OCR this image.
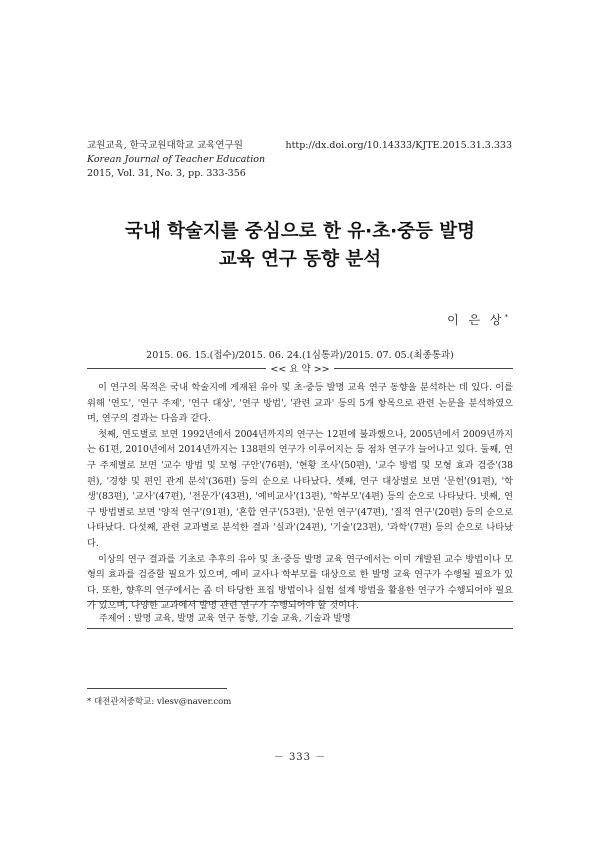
교원교육, 한국교원대학교 교육연구원
Korean Journal of Teacher Education
2015, Vol. 31, No. 3, pp. 333-356
http://dx.doi.org/10.14333/KJTE.2015.31.3.333
국내 학술지를 중심으로 한 유·초·중등 발명
교육 연구 동향 분석
이 은 상*
2015. 06. 15.(접수)/2015. 06. 24.(1심통과)/2015. 07. 05.(최종통과)
<< 요 약 >>

이 연구의 목적은 국내 학술지에 게재된 유아 및 초·중등 발명 교육 연구 동향을 분석하는 데 있다. 이를 위해 '연도', '연구 주제', '연구 대상', '연구 방법', '관련 교과' 등의 5개 항목으로 관련 논문을 분석하였으며, 연구의 결과는 다음과 같다.

첫째, 연도별로 보면 1992년에서 2004년까지의 연구는 12편에 불과했으나, 2005년에서 2009년까지는 61편, 2010년에서 2014년까지는 138편의 연구가 이루어지는 등 점차 연구가 늘어나고 있다. 둘째, 연구 주제별로 보면 '교수 방법 및 모형 구안'(76편), '현황 조사'(50편), '교수 방법 및 모형 효과 검증'(38편), '경향 및 편인 관계 분석'(36편) 등의 순으로 나타났다. 셋째, 연구 대상별로 보면 '문헌'(91편), '학생'(83편), '교사'(47편), '전문가'(43편), '예비교사'(13편), '학부모'(4편) 등의 순으로 나타났다. 넷째, 연구 방법별로 보면 '양적 연구'(91편), '혼합 연구'(53편), '문헌 연구'(47편), '질적 연구'(20편) 등의 순으로 나타났다. 다섯째, 관련 교과별로 분석한 결과 '실과'(24편), '기술'(23편), '과학'(7편) 등의 순으로 나타났다.

이상의 연구 결과를 기초로 추후의 유아 및 초·중등 발명 교육 연구에서는 이미 개발된 교수 방법이나 모형의 효과를 검증할 필요가 있으며, 예비 교사나 학부모를 대상으로 한 발명 교육 연구가 수행될 필요가 있다. 또한, 향후의 연구에서는 좀 더 타당한 표집 방법이나 실험 설계 방법을 활용한 연구가 수행되어야 필요가 있으며, 다양한 교과에서 발명 관련 연구가 수행되어야 할 것이다.

주제어 : 발명 교육, 발명 교육 연구 동향, 기술 교육, 기술과 발명
* 대전관저중학교: vlesv@naver.com
－ 333 －
